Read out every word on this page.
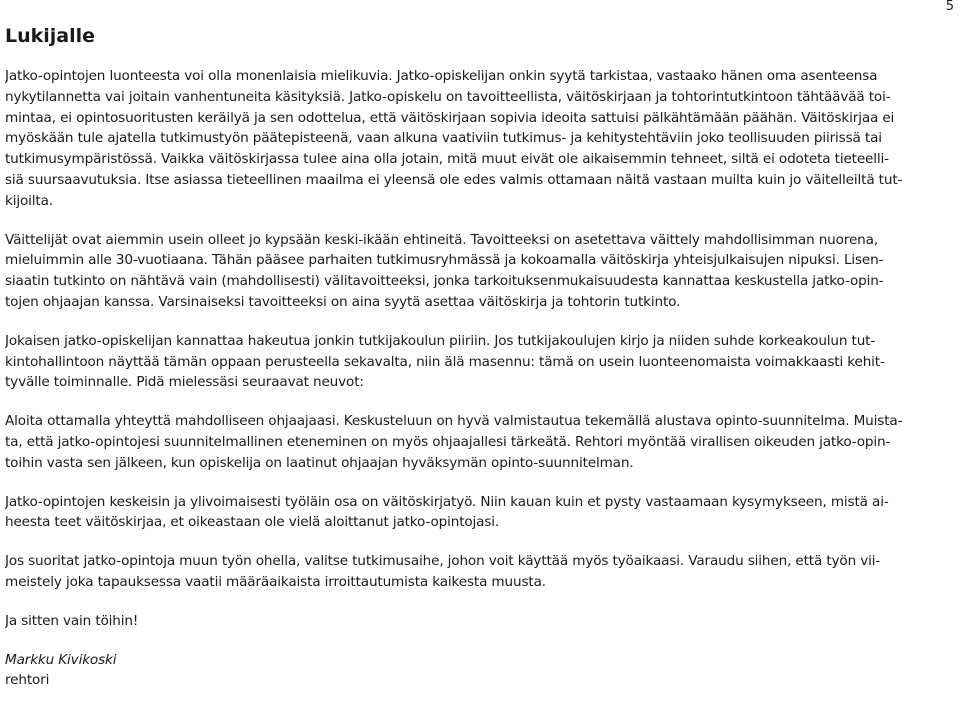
5
Lukijalle
Jatko-opintojen luonteesta voi olla monenlaisia mielikuvia. Jatko-opiskelijan onkin syytä tarkistaa, vastaako hänen oma asenteensa
nykytilannetta vai joitain vanhentuneita käsityksiä. Jatko-opiskelu on tavoitteellista, väitöskirjaan ja tohtorintutkintoon tähtäävää toi-
mintaa, ei opintosuoritusten keräilyä ja sen odottelua, että väitöskirjaan sopivia ideoita sattuisi pälkähtämään päähän. Väitöskirjaa ei
myöskään tule ajatella tutkimustyön päätepisteenä, vaan alkuna vaativiin tutkimus- ja kehitystehtäviin joko teollisuuden piirissä tai
tutkimusympäristössä. Vaikka väitöskirjassa tulee aina olla jotain, mitä muut eivät ole aikaisemmin tehneet, siltä ei odoteta tieteelli-
siä suursaavutuksia. Itse asiassa tieteellinen maailma ei yleensä ole edes valmis ottamaan näitä vastaan muilta kuin jo väitelleiltä tut-
kijoilta.
Väittelijät ovat aiemmin usein olleet jo kypsään keski-ikään ehtineitä. Tavoitteeksi on asetettava väittely mahdollisimman nuorena,
mieluimmin alle 30-vuotiaana. Tähän pääsee parhaiten tutkimusryhmässä ja kokoamalla väitöskirja yhteisjulkaisujen nipuksi. Lisen-
siaatin tutkinto on nähtävä vain (mahdollisesti) välitavoitteeksi, jonka tarkoituksenmukaisuudesta kannattaa keskustella jatko-opin-
tojen ohjaajan kanssa. Varsinaiseksi tavoitteeksi on aina syytä asettaa väitöskirja ja tohtorin tutkinto.
Jokaisen jatko-opiskelijan kannattaa hakeutua jonkin tutkijakoulun piiriin. Jos tutkijakoulujen kirjo ja niiden suhde korkeakoulun tut-
kintohallintoon näyttää tämän oppaan perusteella sekavalta, niin älä masennu: tämä on usein luonteenomaista voimakkaasti kehit-
tyvälle toiminnalle. Pidä mielessäsi seuraavat neuvot:
Aloita ottamalla yhteyttä mahdolliseen ohjaajaasi. Keskusteluun on hyvä valmistautua tekemällä alustava opinto-suunnitelma. Muista-
ta, että jatko-opintojesi suunnitelmallinen eteneminen on myös ohjaajallesi tärkeätä. Rehtori myöntää virallisen oikeuden jatko-opin-
toihin vasta sen jälkeen, kun opiskelija on laatinut ohjaajan hyväksymän opinto-suunnitelman.
Jatko-opintojen keskeisin ja ylivoimaisesti työläin osa on väitöskirjatyö. Niin kauan kuin et pysty vastaamaan kysymykseen, mistä ai-
heesta teet väitöskirjaa, et oikeastaan ole vielä aloittanut jatko-opintojasi.
Jos suoritat jatko-opintoja muun työn ohella, valitse tutkimusaihe, johon voit käyttää myös työaikaasi. Varaudu siihen, että työn vii-
meistely joka tapauksessa vaatii määräaikaista irroittautumista kaikesta muusta.
Ja sitten vain töihin!
Markku Kivikoski
rehtori
